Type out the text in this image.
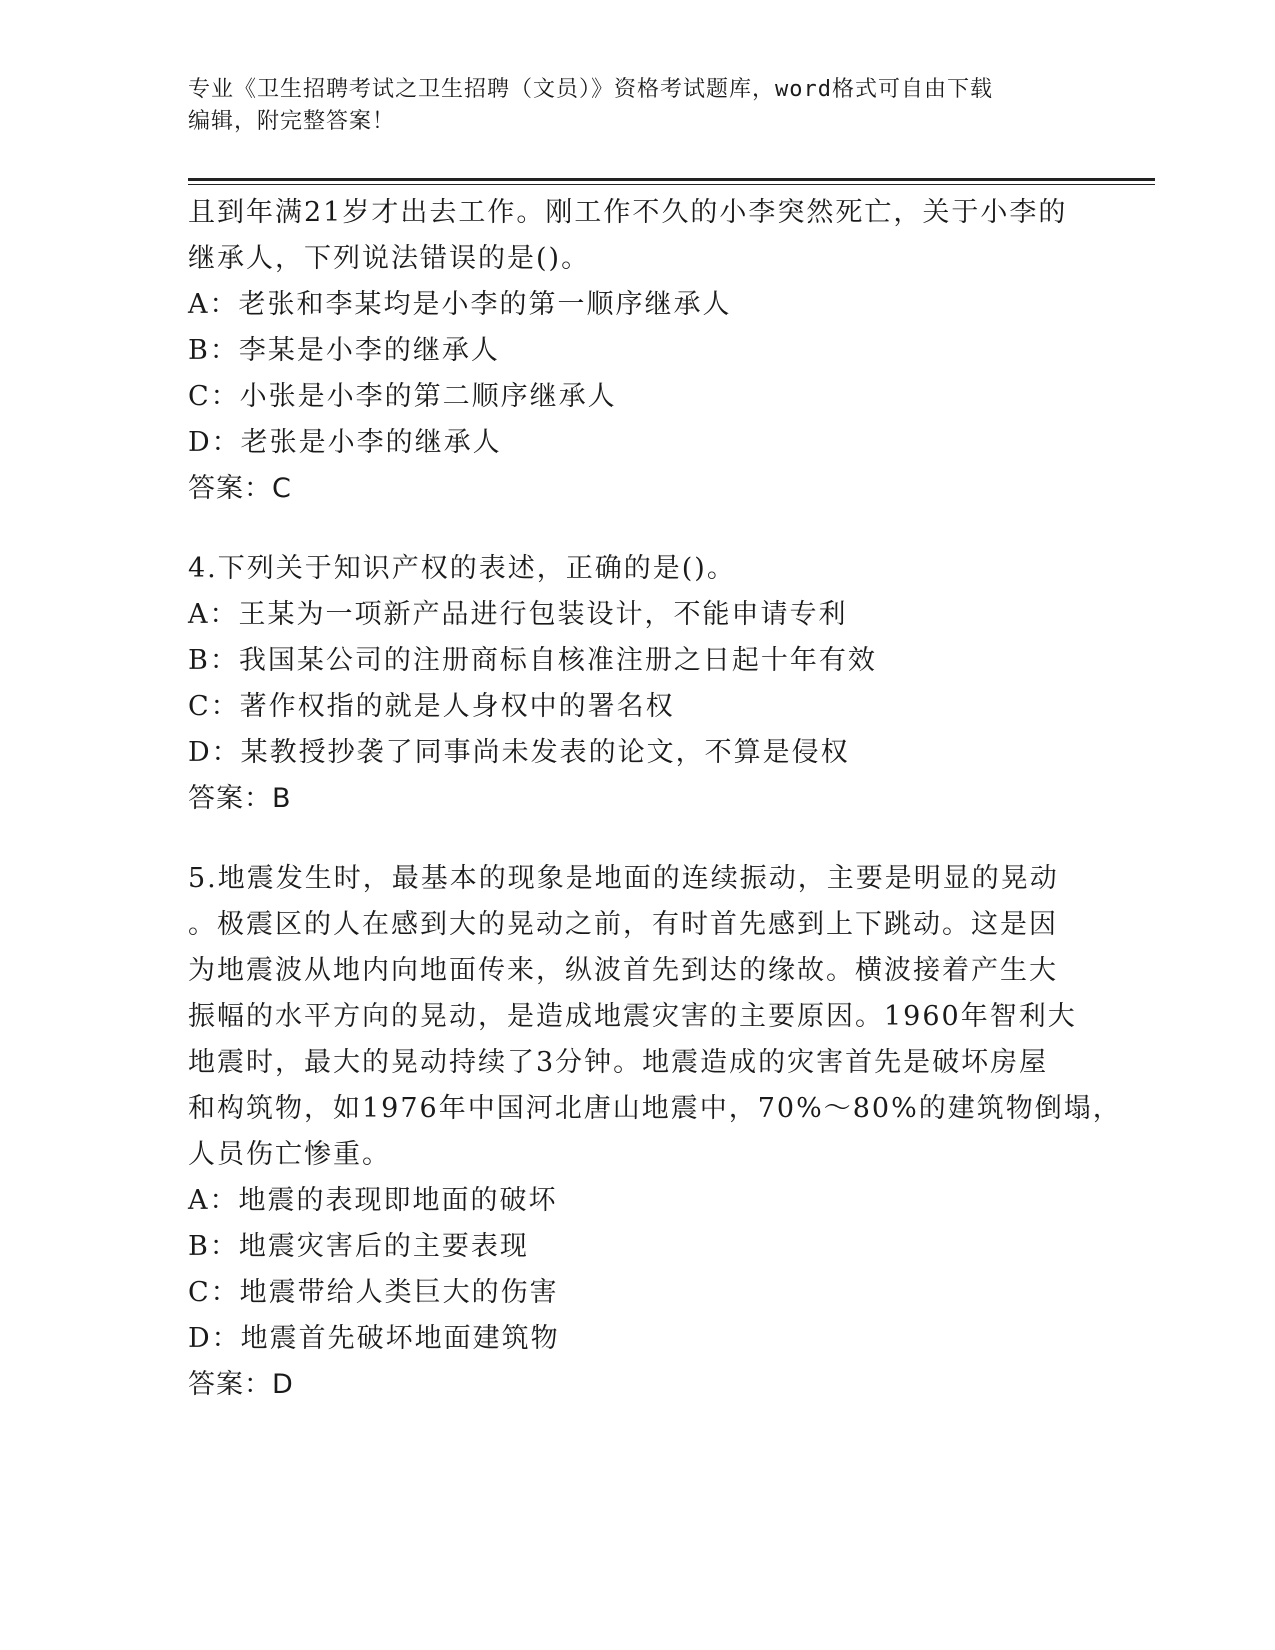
专业《卫生招聘考试之卫生招聘（文员）》资格考试题库，word格式可自由下载
编辑，附完整答案！
且到年满21岁才出去工作。刚工作不久的小李突然死亡，关于小李的
继承人，下列说法错误的是()。
A：老张和李某均是小李的第一顺序继承人
B：李某是小李的继承人
C：小张是小李的第二顺序继承人
D：老张是小李的继承人
答案：C
4.下列关于知识产权的表述，正确的是()。
A：王某为一项新产品进行包装设计，不能申请专利
B：我国某公司的注册商标自核准注册之日起十年有效
C：著作权指的就是人身权中的署名权
D：某教授抄袭了同事尚未发表的论文，不算是侵权
答案：B
5.地震发生时，最基本的现象是地面的连续振动，主要是明显的晃动
。极震区的人在感到大的晃动之前，有时首先感到上下跳动。这是因
为地震波从地内向地面传来，纵波首先到达的缘故。横波接着产生大
振幅的水平方向的晃动，是造成地震灾害的主要原因。1960年智利大
地震时，最大的晃动持续了3分钟。地震造成的灾害首先是破坏房屋
和构筑物，如1976年中国河北唐山地震中，70%～80%的建筑物倒塌，
人员伤亡惨重。
A：地震的表现即地面的破坏
B：地震灾害后的主要表现
C：地震带给人类巨大的伤害
D：地震首先破坏地面建筑物
答案：D
